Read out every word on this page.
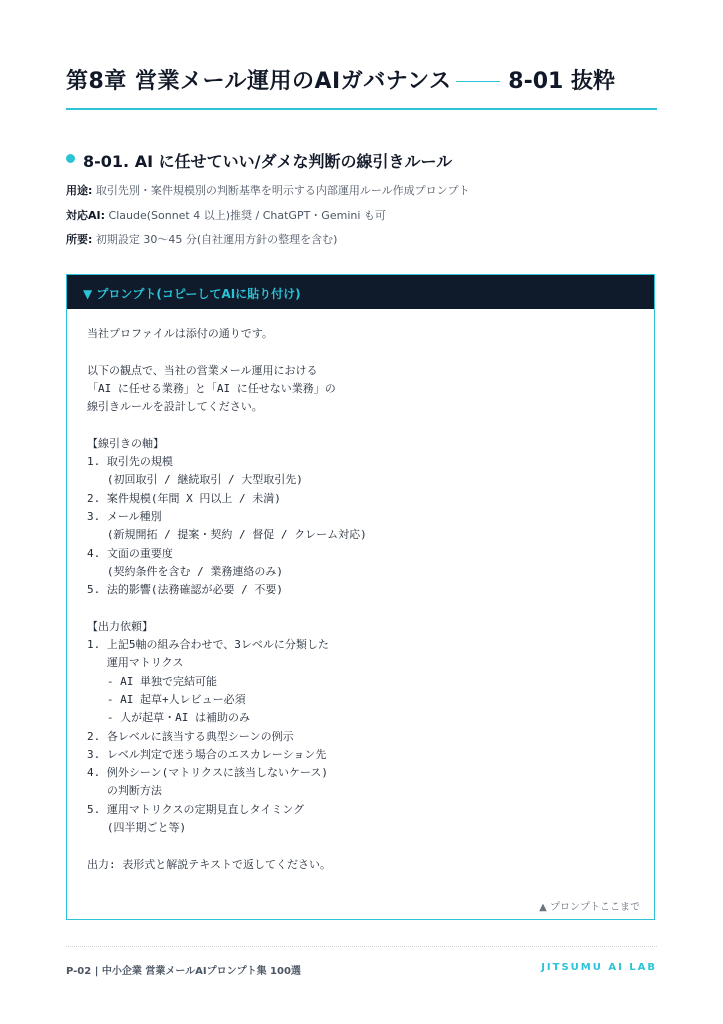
第8章 営業メール運用のAIガバナンス	8-01 抜粋
8-01. AI に任せていい/ダメな判断の線引きルール
用途: 取引先別・案件規模別の判断基準を明示する内部運用ルール作成プロンプト
対応AI: Claude(Sonnet 4 以上)推奨 / ChatGPT・Gemini も可
所要: 初期設定 30〜45 分(自社運用方針の整理を含む)
▼ プロンプト(コピーしてAIに貼り付け)
当社プロファイルは添付の通りです。

以下の観点で、当社の営業メール運用における
「AI に任せる業務」と「AI に任せない業務」の
線引きルールを設計してください。

【線引きの軸】
1. 取引先の規模
(初回取引 / 継続取引 / 大型取引先)
2. 案件規模(年間 X 円以上 / 未満)
3. メール種別
(新規開拓 / 提案・契約 / 督促 / クレーム対応)
4. 文面の重要度
(契約条件を含む / 業務連絡のみ)
5. 法的影響(法務確認が必要 / 不要)

【出力依頼】
1. 上記5軸の組み合わせで、3レベルに分類した
運用マトリクス
- AI 単独で完結可能
- AI 起草+人レビュー必須
- 人が起草・AI は補助のみ
2. 各レベルに該当する典型シーンの例示
3. レベル判定で迷う場合のエスカレーション先
4. 例外シーン(マトリクスに該当しないケース)
の判断方法
5. 運用マトリクスの定期見直しタイミング
(四半期ごと等)

出力: 表形式と解説テキストで返してください。
▲ プロンプトここまで
P-02 | 中小企業 営業メールAIプロンプト集 100選	JITSUMU AI LAB
